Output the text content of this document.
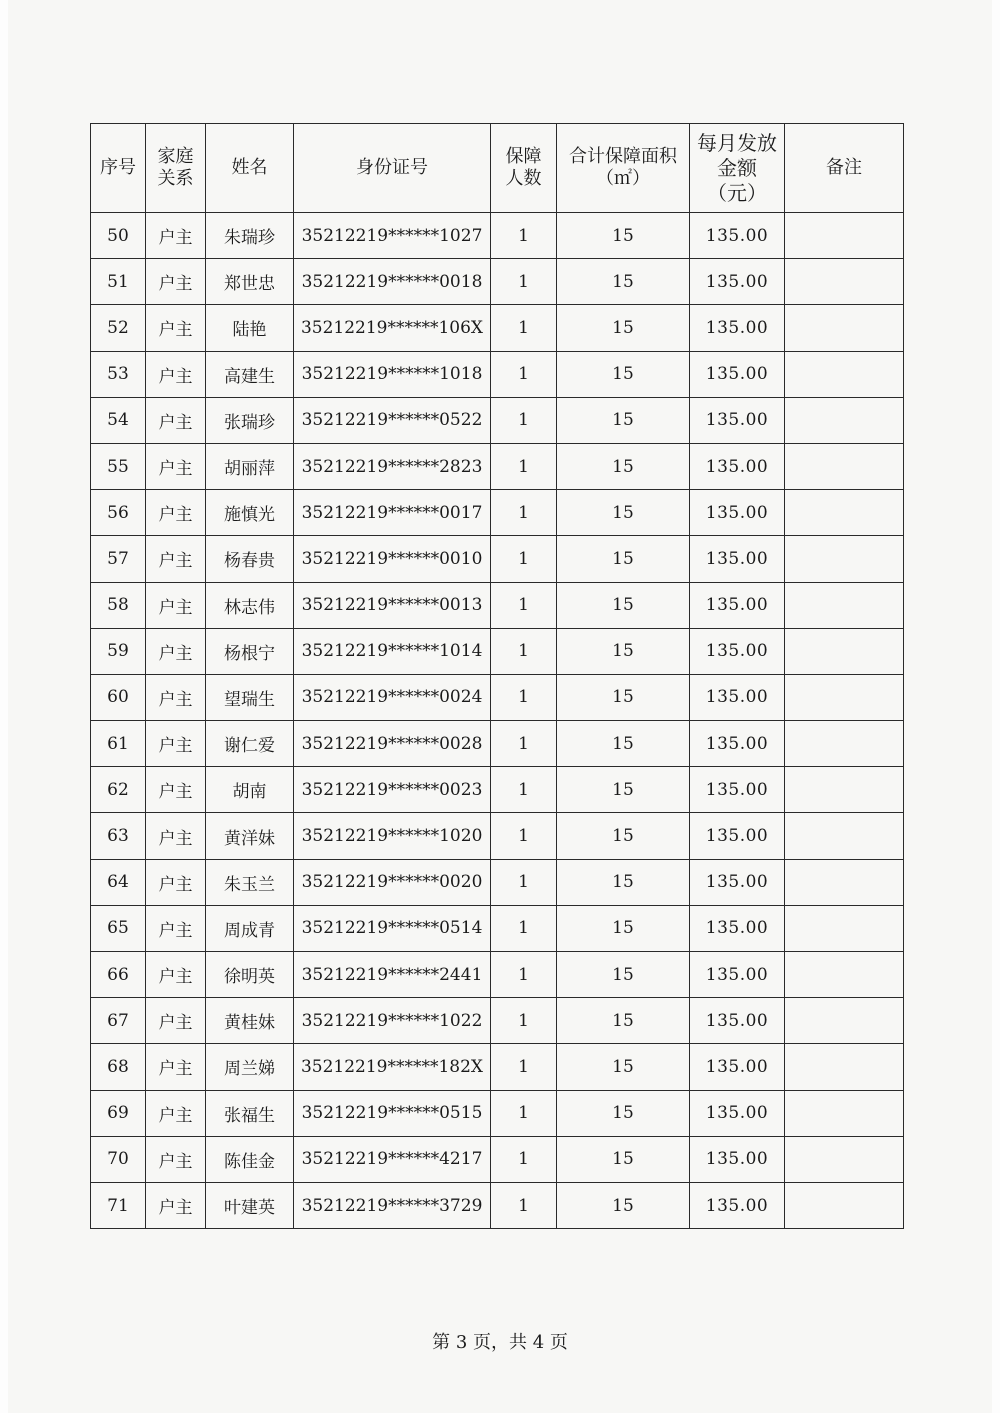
序号	家庭关系	姓名	身份证号	保障人数	合计保障面积（㎡）	每月发放金额（元）	备注
50	户主	朱瑞珍	35212219******1027	1	15	135.00	
51	户主	郑世忠	35212219******0018	1	15	135.00	
52	户主	陆艳	35212219******106X	1	15	135.00	
53	户主	高建生	35212219******1018	1	15	135.00	
54	户主	张瑞珍	35212219******0522	1	15	135.00	
55	户主	胡丽萍	35212219******2823	1	15	135.00	
56	户主	施慎光	35212219******0017	1	15	135.00	
57	户主	杨春贵	35212219******0010	1	15	135.00	
58	户主	林志伟	35212219******0013	1	15	135.00	
59	户主	杨根宁	35212219******1014	1	15	135.00	
60	户主	望瑞生	35212219******0024	1	15	135.00	
61	户主	谢仁爱	35212219******0028	1	15	135.00	
62	户主	胡南	35212219******0023	1	15	135.00	
63	户主	黄洋妹	35212219******1020	1	15	135.00	
64	户主	朱玉兰	35212219******0020	1	15	135.00	
65	户主	周成青	35212219******0514	1	15	135.00	
66	户主	徐明英	35212219******2441	1	15	135.00	
67	户主	黄桂妹	35212219******1022	1	15	135.00	
68	户主	周兰娣	35212219******182X	1	15	135.00	
69	户主	张福生	35212219******0515	1	15	135.00	
70	户主	陈佳金	35212219******4217	1	15	135.00	
71	户主	叶建英	35212219******3729	1	15	135.00	
第 3 页，共 4 页
